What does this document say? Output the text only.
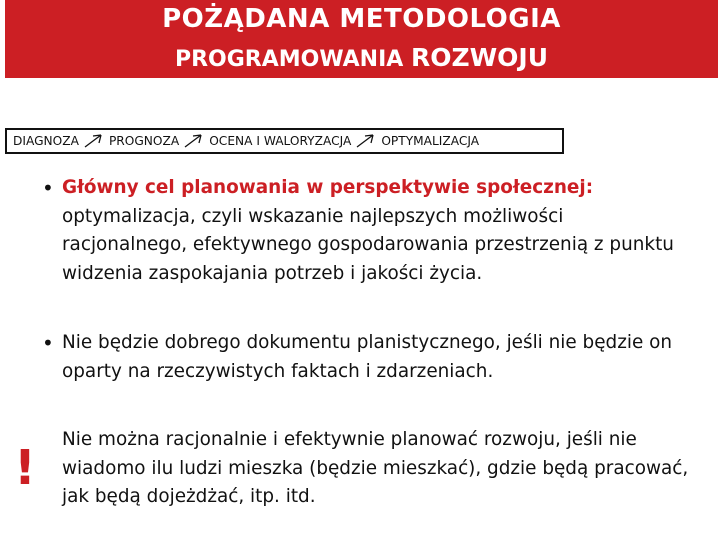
POŻĄDANA METODOLOGIA
PROGRAMOWANIA ROZWOJU
DIAGNOZA PROGNOZA OCENA I WALORYZACJA OPTYMALIZACJA
• Główny cel planowania w perspektywie społecznej: optymalizacja, czyli wskazanie najlepszych możliwości racjonalnego, efektywnego gospodarowania przestrzenią z punktu widzenia zaspokajania potrzeb i jakości życia.
• Nie będzie dobrego dokumentu planistycznego, jeśli nie będzie on oparty na rzeczywistych faktach i zdarzeniach.
!
Nie można racjonalnie i efektywnie planować rozwoju, jeśli nie wiadomo ilu ludzi mieszka (będzie mieszkać), gdzie będą pracować, jak będą dojeżdżać, itp. itd.
